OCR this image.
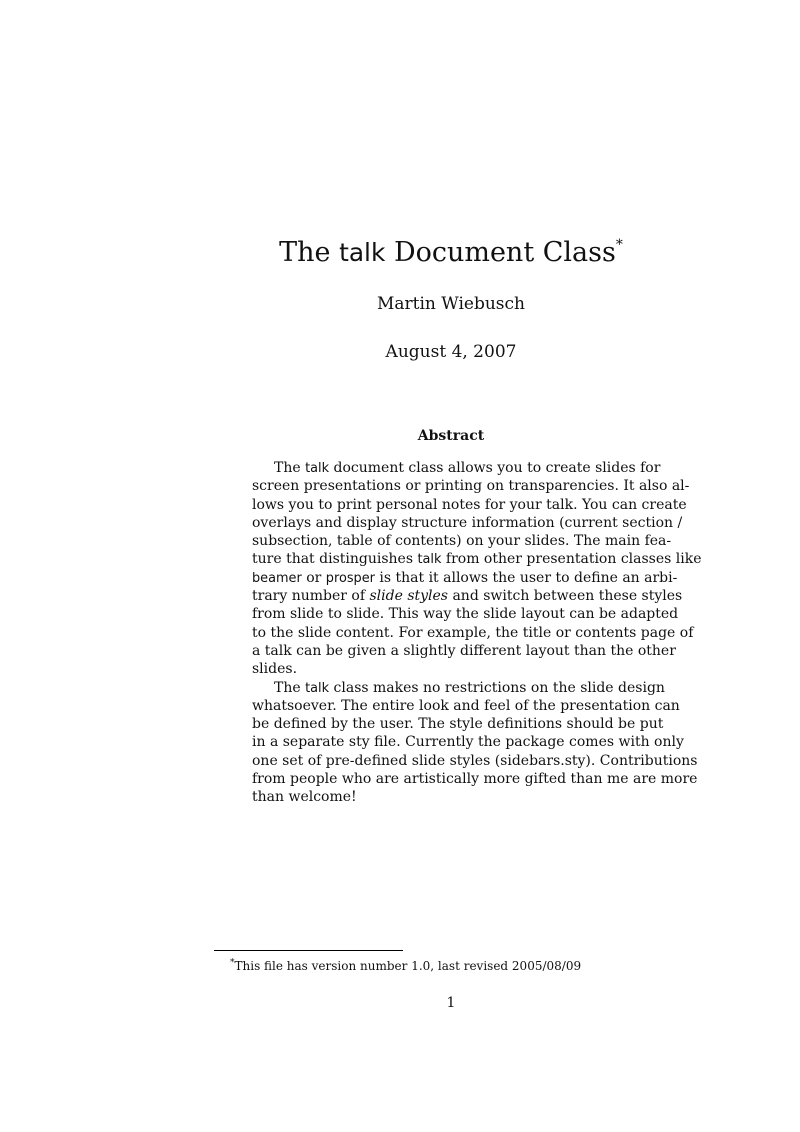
The talk Document Class*
Martin Wiebusch
August 4, 2007
Abstract
The talk document class allows you to create slides for
screen presentations or printing on transparencies. It also al-
lows you to print personal notes for your talk. You can create
overlays and display structure information (current section /
subsection, table of contents) on your slides. The main fea-
ture that distinguishes talk from other presentation classes like
beamer or prosper is that it allows the user to define an arbi-
trary number of slide styles and switch between these styles
from slide to slide. This way the slide layout can be adapted
to the slide content. For example, the title or contents page of
a talk can be given a slightly different layout than the other
slides.
The talk class makes no restrictions on the slide design
whatsoever. The entire look and feel of the presentation can
be defined by the user. The style definitions should be put
in a separate sty file. Currently the package comes with only
one set of pre-defined slide styles (sidebars.sty). Contributions
from people who are artistically more gifted than me are more
than welcome!
*This file has version number 1.0, last revised 2005/08/09
1
